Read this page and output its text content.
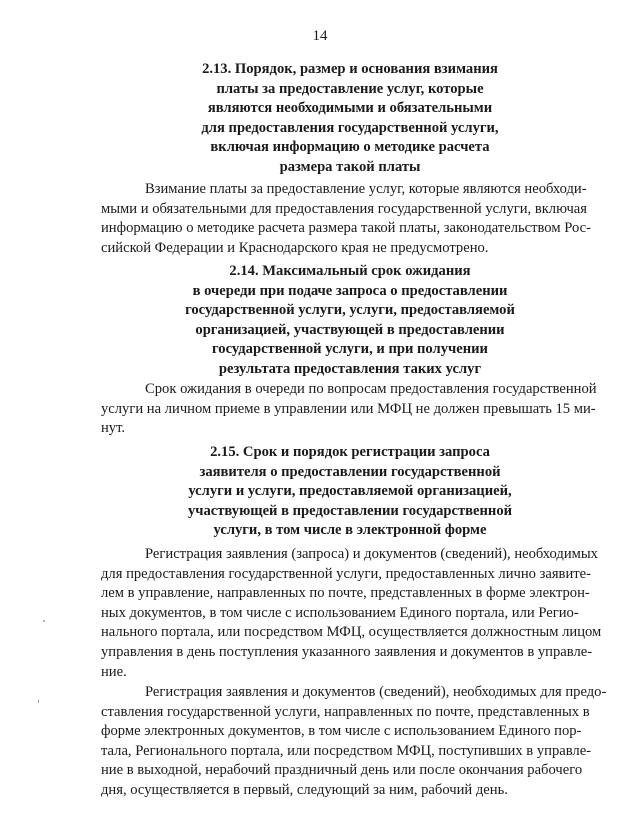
14
2.13. Порядок, размер и основания взимания
платы за предоставление услуг, которые
являются необходимыми и обязательными
для предоставления государственной услуги,
включая информацию о методике расчета
размера такой платы
Взимание платы за предоставление услуг, которые являются необходи-
мыми и обязательными для предоставления государственной услуги, включая
информацию о методике расчета размера такой платы, законодательством Рос-
сийской Федерации и Краснодарского края не предусмотрено.
2.14. Максимальный срок ожидания
в очереди при подаче запроса о предоставлении
государственной услуги, услуги, предоставляемой
организацией, участвующей в предоставлении
государственной услуги, и при получении
результата предоставления таких услуг
Срок ожидания в очереди по вопросам предоставления государственной
услуги на личном приеме в управлении или МФЦ не должен превышать 15 ми-
нут.
2.15. Срок и порядок регистрации запроса
заявителя о предоставлении государственной
услуги и услуги, предоставляемой организацией,
участвующей в предоставлении государственной
услуги, в том числе в электронной форме
Регистрация заявления (запроса) и документов (сведений), необходимых
для предоставления государственной услуги, предоставленных лично заявите-
лем в управление, направленных по почте, представленных в форме электрон-
ных документов, в том числе с использованием Единого портала, или Регио-
нального портала, или посредством МФЦ, осуществляется должностным лицом
управления в день поступления указанного заявления и документов в управле-
ние.
Регистрация заявления и документов (сведений), необходимых для предо-
ставления государственной услуги, направленных по почте, представленных в
форме электронных документов, в том числе с использованием Единого пор-
тала, Регионального портала, или посредством МФЦ, поступивших в управле-
ние в выходной, нерабочий праздничный день или после окончания рабочего
дня, осуществляется в первый, следующий за ним, рабочий день.
